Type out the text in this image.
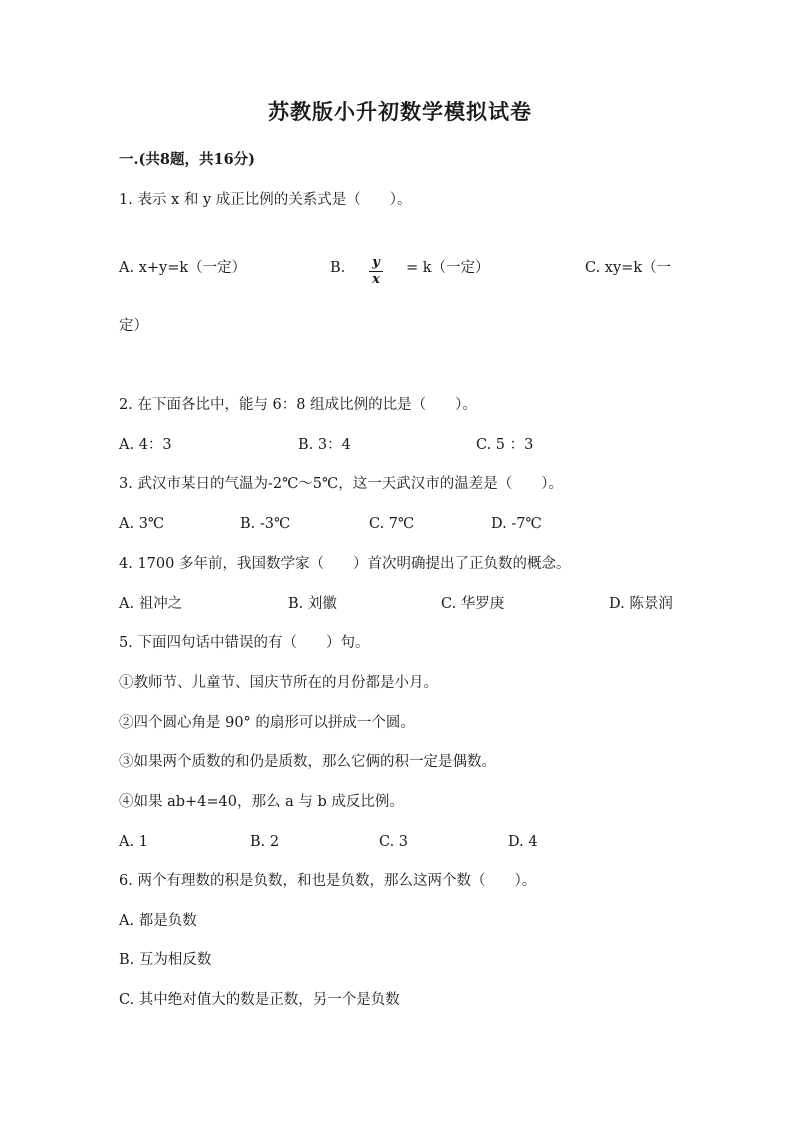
苏教版小升初数学模拟试卷
一.(共8题，共16分)
1. 表示 x 和 y 成正比例的关系式是（　　）。
A. x+y=k（一定）	B.	y
x
= k（一定）	C. xy=k（一
定）
2. 在下面各比中，能与 6：8 组成比例的比是（　　）。
A. 4：3	B. 3：4	C. 5 ：3
3. 武汉市某日的气温为-2℃～5℃，这一天武汉市的温差是（　　）。
A. 3℃	B. -3℃	C. 7℃	D. -7℃
4. 1700 多年前，我国数学家（　　）首次明确提出了正负数的概念。
A. 祖冲之	B. 刘徽	C. 华罗庚	D. 陈景润
5. 下面四句话中错误的有（　　）句。
①教师节、儿童节、国庆节所在的月份都是小月。
②四个圆心角是 90° 的扇形可以拼成一个圆。
③如果两个质数的和仍是质数，那么它俩的积一定是偶数。
④如果 ab+4=40，那么 a 与 b 成反比例。
A. 1	B. 2	C. 3	D. 4
6. 两个有理数的积是负数，和也是负数，那么这两个数（　　）。
A. 都是负数
B. 互为相反数
C. 其中绝对值大的数是正数，另一个是负数
